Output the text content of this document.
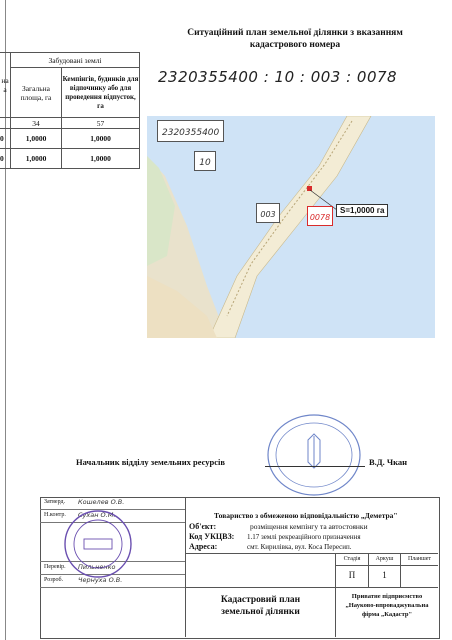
Ситуаційний план земельної ділянки з вказанням
кадастрового номера
2320355400 : 10 : 003 : 0078
на а	Забудовані землі	
	Загальна площа, га	Кемпінгів, будинків для відпочинку або для проведення відпусток, га
	34	57
0	1,0000	1,0000
0	1,0000	1,0000
2320355400
10
003	0078
S=1,0000 га
Начальник відділу земельних ресурсів	В.Д. Чкан
Затверд. Кошелев О.В.
Н.контр. Сухан О.М.
Перевір. Пильненко
Розроб. Чернуха О.В.
Товариство з обмеженою відповідальністю „Деметра"
Об'єкт:	розміщення кемпінгу та автостоянки
Код УКЦВЗ: 1.17 землі рекреаційного призначення
Адреса:	смт. Кирилівка, вул. Коса Пересип.
Стадія	Аркуш	Планшет
П	1
Кадастровий план
земельної ділянки
Приватне підприємство
„Науково-впроваджувальна
фірма „Кадастр"
